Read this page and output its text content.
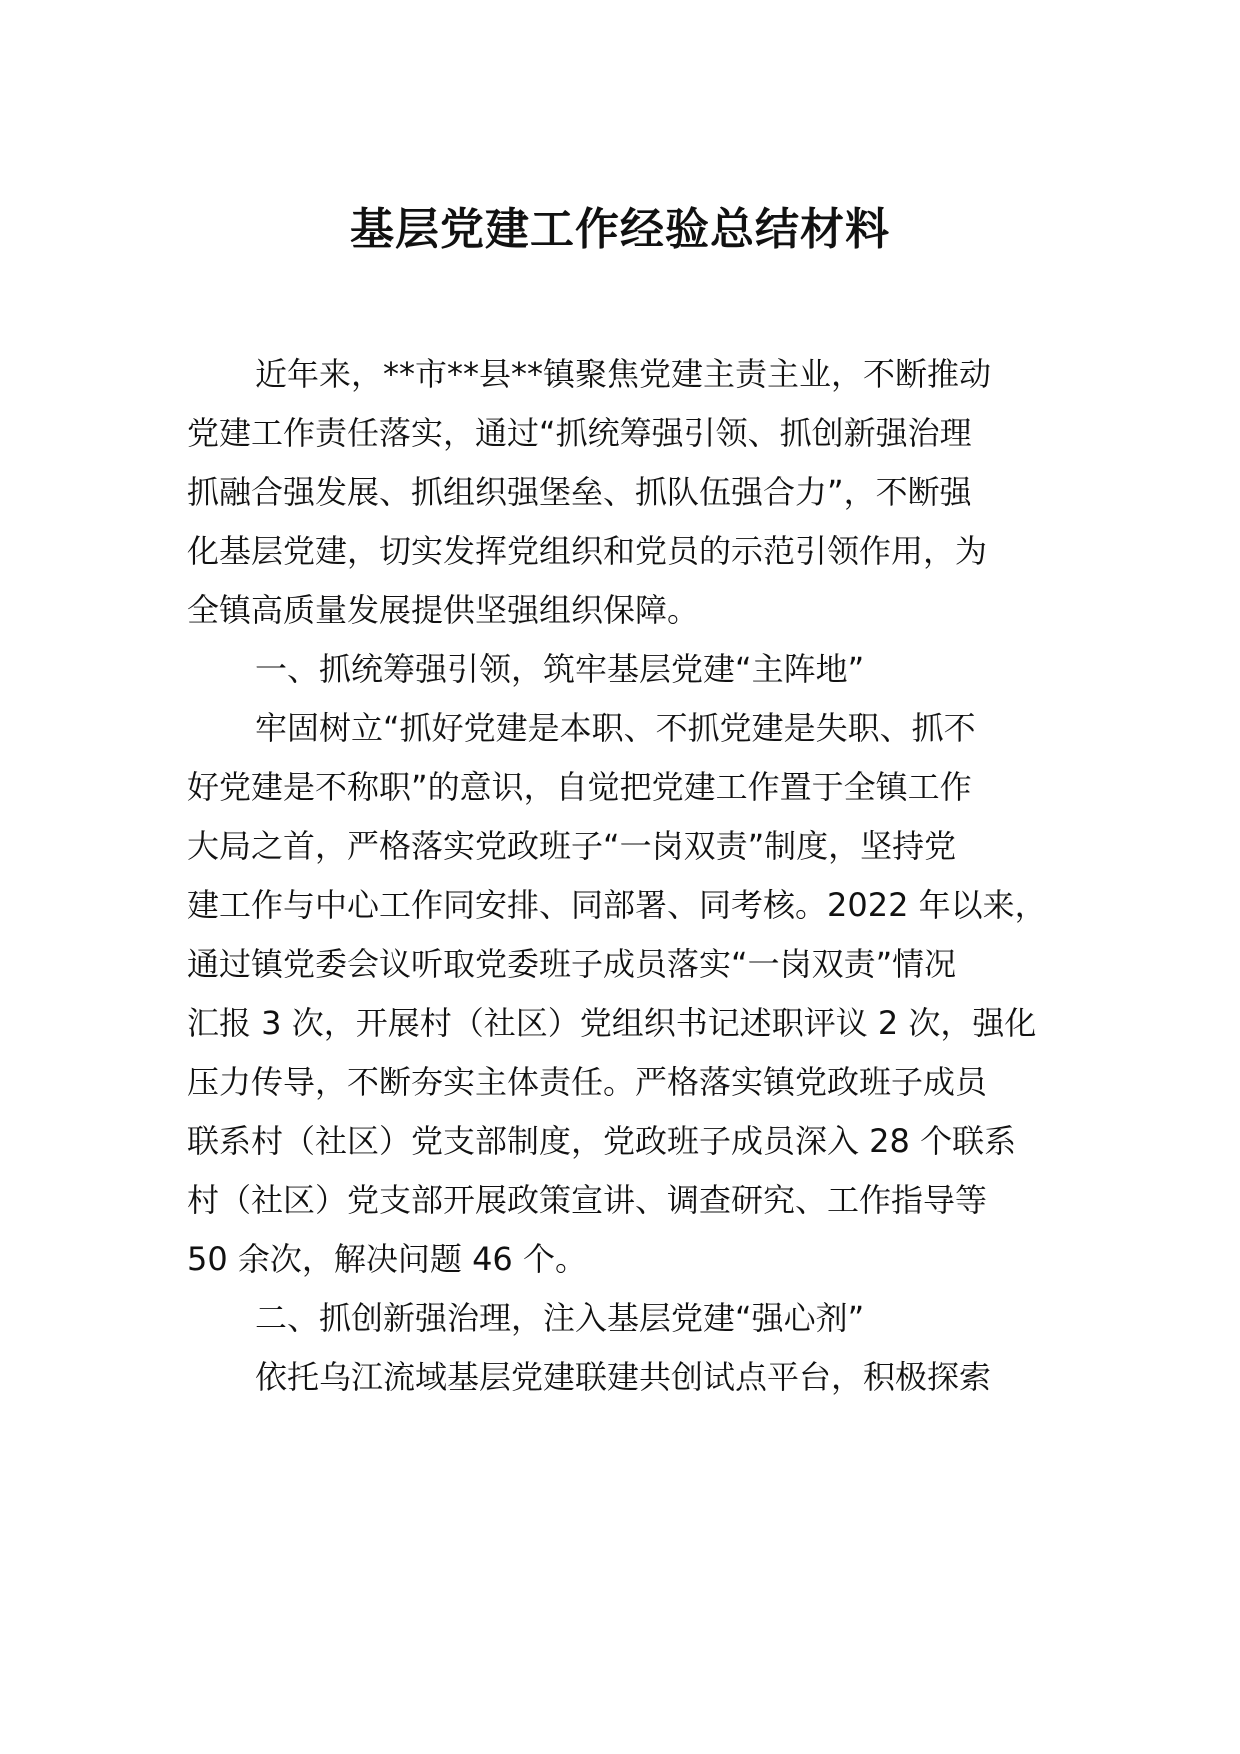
基层党建工作经验总结材料

近年来，**市**县**镇聚焦党建主责主业，不断推动

党建工作责任落实，通过“抓统筹强引领、抓创新强治理

抓融合强发展、抓组织强堡垒、抓队伍强合力”，不断强

化基层党建，切实发挥党组织和党员的示范引领作用，为

全镇高质量发展提供坚强组织保障。

一、抓统筹强引领，筑牢基层党建“主阵地”

牢固树立“抓好党建是本职、不抓党建是失职、抓不

好党建是不称职”的意识，自觉把党建工作置于全镇工作

大局之首，严格落实党政班子“一岗双责”制度，坚持党

建工作与中心工作同安排、同部署、同考核。2022 年以来，

通过镇党委会议听取党委班子成员落实“一岗双责”情况

汇报 3 次，开展村（社区）党组织书记述职评议 2 次，强化

压力传导，不断夯实主体责任。严格落实镇党政班子成员

联系村（社区）党支部制度，党政班子成员深入 28 个联系

村（社区）党支部开展政策宣讲、调查研究、工作指导等

50 余次，解决问题 46 个。

二、抓创新强治理，注入基层党建“强心剂”

依托乌江流域基层党建联建共创试点平台，积极探索
